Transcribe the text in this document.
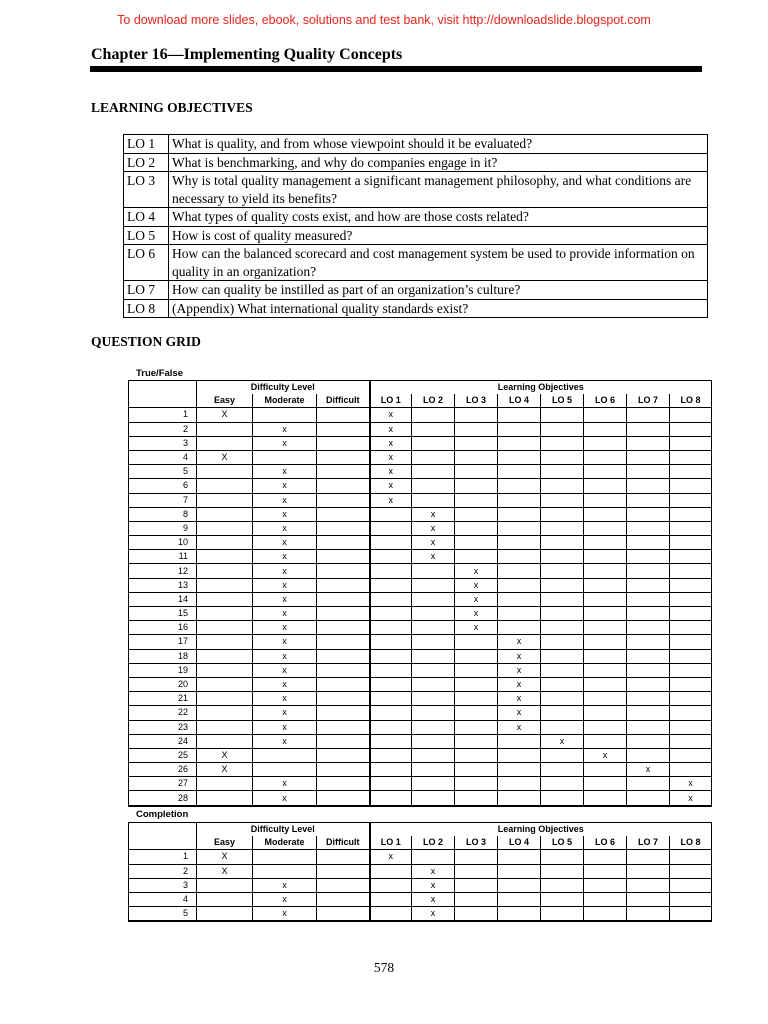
To download more slides, ebook, solutions and test bank, visit http://downloadslide.blogspot.com
Chapter 16—Implementing Quality Concepts
LEARNING OBJECTIVES
LO 1	What is quality, and from whose viewpoint should it be evaluated?
LO 2	What is benchmarking, and why do companies engage in it?
LO 3	Why is total quality management a significant management philosophy, and what conditions are necessary to yield its benefits?
LO 4	What types of quality costs exist, and how are those costs related?
LO 5	How is cost of quality measured?
LO 6	How can the balanced scorecard and cost management system be used to provide information on quality in an organization?
LO 7	How can quality be instilled as part of an organization’s culture?
LO 8	(Appendix) What international quality standards exist?
QUESTION GRID
True/False
	Difficulty Level			Learning Objectives							
	Easy	Moderate	Difficult	LO 1	LO 2	LO 3	LO 4	LO 5	LO 6	LO 7	LO 8
1	X			x							
2		x		x							
3		x		x							
4	X			x							
5		x		x							
6		x		x							
7		x		x							
8		x			x						
9		x			x						
10		x			x						
11		x			x						
12		x				x					
13		x				x					
14		x				x					
15		x				x					
16		x				x					
17		x					x				
18		x					x				
19		x					x				
20		x					x				
21		x					x				
22		x					x				
23		x					x				
24		x						x			
25	X								x		
26	X									x	
27		x									x
28		x									x
Completion
	Difficulty Level			Learning Objectives							
	Easy	Moderate	Difficult	LO 1	LO 2	LO 3	LO 4	LO 5	LO 6	LO 7	LO 8
1	X			x							
2	X				x						
3		x			x						
4		x			x						
5		x			x						
578
